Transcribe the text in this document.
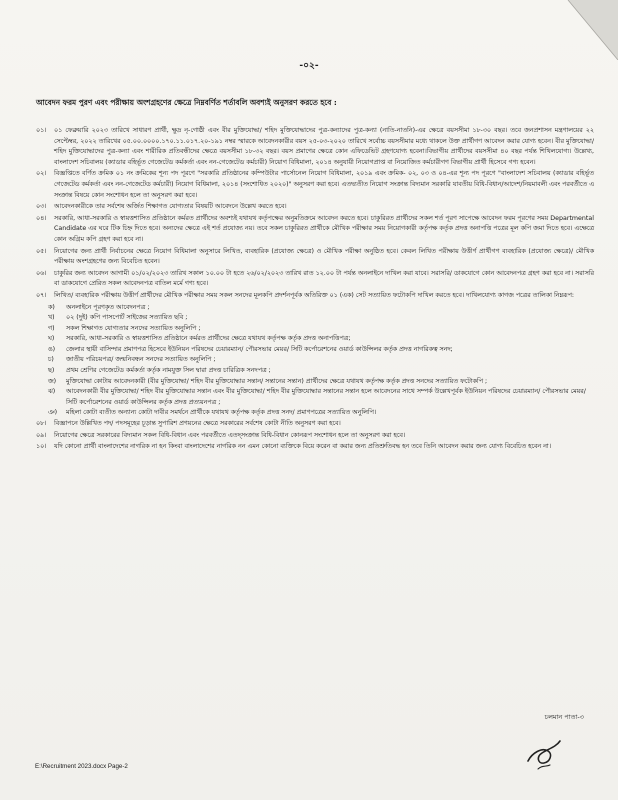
-০২-
আবেদন ফরম পুরণ এবং পরীক্ষায় অংশগ্রহণের ক্ষেত্রে নিম্নবর্ণিত শর্তাবলি অবশ্যই অনুসরণ করতে হবে :
০১।	০১ ফেব্রুয়ারি ২০২৩ তারিখে সাধারণ প্রার্থী, ক্ষুদ্র নৃ-গোষ্ঠী এবং বীর মুক্তিযোদ্ধা/ শহিদ মুক্তিযোদ্ধাদের পুত্র-কন্যাদের পুত্র-কন্যা (নাতি-নাতনি)-এর ক্ষেত্রে বয়সসীমা ১৮-৩০ বছর। তবে জনপ্রশাসন মন্ত্রণালয়ের ২২ সেপ্টেম্বর, ২০২২ তারিখের ০৫.০০.০০০০.১৭০.১১.০১৭.২০-১৯১ নম্বর স্মারকে আবেদনকারীর বয়স ২৫-০৩-২০২০ তারিখে সর্বোচ্চ বয়সসীমার মধ্যে থাকলে উক্ত প্রার্থীগণ আবেদন করার যোগ্য হবেন। বীর মুক্তিযোদ্ধা/শহিদ মুক্তিযোদ্ধাদের পুত্র-কন্যা এবং শারীরিক প্রতিবন্ধীদের ক্ষেত্রে বয়সসীমা ১৮-৩২ বছর। বয়স প্রমাণের ক্ষেত্রে কোন এফিডেভিট গ্রহণযোগ্য হবেনা।বিভাগীয় প্রার্থীদের বয়সসীমা ৪০ বছর পর্যন্ত শিথিলযোগ্য। উল্লেখ্য, বাংলাদেশ সচিবালয় (ক্যাডার বহির্ভূত গেজেটেড কর্মকর্তা এবং নন-গেজেটেড কর্মচারী) নিয়োগ বিধিমালা, ২০১৪ অনুযায়ী নিয়োগপ্রাপ্ত বা নিয়োজিত কর্মচারীগণ বিভাগীয় প্রার্থী হিসেবে গণ্য হবেন।
০২।	বিজ্ঞপ্তিতে বর্ণিত ক্রমিক ০১ নং ক্রমিকের শূন্য পদ পূরণে "সরকারি প্রতিষ্ঠানের কম্পিউটার পার্সোনেল নিয়োগ বিধিমালা, ২০১৯ এবং ক্রমিক- ০২, ০৩ ও ০৪-এর শূন্য পদ পূরণে "বাংলাদেশ সচিবালয় (ক্যাডার বহির্ভূত গেজেটেড কর্মকর্তা এবং নন-গেজেটেড কর্মচারী) নিয়োগ বিধিমালা, ২০১৪ (সংশোধিত ২০২০)" অনুসরণ করা হবে। এতদ্ব্যতীত নিয়োগ সংক্রান্ত বিদ্যমান সরকারি যাবতীয় বিধি-বিধান/আদেশ/নিয়মাবলী এবং পরবর্তীতে এ সংক্রান্ত বিষয়ে কোন সংশোধন হলে তা অনুসরণ করা হবে।
০৩।	আবেদনকারীকে তার সর্বশেষ অর্জিত শিক্ষাগত যোগ্যতার বিষয়টি আবেদনে উল্লেখ করতে হবে।
০৪।	সরকারি, আধা-সরকারি ও স্বায়ত্তশাসিত প্রতিষ্ঠানে কর্মরত প্রার্থীদের অবশ্যই যথাযথ কর্তৃপক্ষের অনুমতিক্রমে আবেদন করতে হবে। চাকুরিরত প্রার্থীদের সকল শর্ত পূরণ সাপেক্ষে আবেদন ফরম পূরণের সময় Departmental Candidate এর ঘরে টিক চিহ্ন দিতে হবে। অন্যদের ক্ষেত্রে এই শর্ত প্রযোজ্য নয়। তবে সকল চাকুরিরত প্রার্থীকে মৌখিক পরীক্ষার সময় নিয়োগকারী কর্তৃপক্ষ কর্তৃক প্রদত্ত অনাপত্তি পত্রের মূল কপি জমা দিতে হবে। এক্ষেত্রে কোন অগ্রিম কপি গ্রহণ করা হবে না।
০৫।	নিয়োগের জন্য প্রার্থী নির্বাচনের ক্ষেত্রে নিয়োগ বিধিমালা অনুসারে লিখিত, ব্যবহারিক (প্রযোজ্য ক্ষেত্রে) ও মৌখিক পরীক্ষা অনুষ্ঠিত হবে। কেবল লিখিত পরীক্ষায় উত্তীর্ণ প্রার্থীগণ ব্যবহারিক (প্রযোজ্য ক্ষেত্রে)/ মৌখিক পরীক্ষায় অংশগ্রহণের জন্য বিবেচিত হবেন।
০৬।	চাকুরির জন্য আবেদন আগামী ০১/০২/২০২৩ তারিখ সকাল ১০.০০ টা হতে ২৬/০২/২০২৩ তারিখ রাত ১২.০০ টা পর্যন্ত অনলাইনে দাখিল করা যাবে। সরাসরি/ ডাকযোগে কোন আবেদনপত্র গ্রহণ করা হবে না। সরাসরি বা ডাকযোগে প্রেরিত সকল আবেদনপত্র বাতিল মর্মে গণ্য হবে।
০৭।	লিখিত/ ব্যবহারিক পরীক্ষায় উত্তীর্ণ প্রার্থীদের মৌখিক পরীক্ষার সময় সকল সনদের মূলকপি প্রদর্শনপূর্বক অতিরিক্ত ০১ (এক) সেট সত্যায়িত ফটোকপি দাখিল করতে হবে। দাখিলযোগ্য কাগজ পত্রের তালিকা নিম্নরূপ:
ক) অনলাইনে পূরণকৃত আবেদনপত্র ;
খ) ০২ (দুই) কপি পাসপোর্ট সাইজের সত্যায়িত ছবি ;
গ) সকল শিক্ষাগত যোগ্যতার সনদের সত্যায়িত অনুলিপি ;
ঘ) সরকারি, আধা-সরকারি ও স্বায়ত্তশাসিত প্রতিষ্ঠানে কর্মরত প্রার্থীদের ক্ষেত্রে যথাযথ কর্তৃপক্ষ কর্তৃক প্রদত্ত অনাপত্তিপত্র;
ঙ) জেলার স্থায়ী বাসিন্দার প্রমাণপত্র হিসেবে ইউনিয়ন পরিষদের চেয়ারম্যান/ পৌরসভার মেয়র/ সিটি কর্পোরেশনের ওয়ার্ড কাউন্সিলর কর্তৃক প্রদত্ত নাগরিকত্ব সনদ;
চ) জাতীয় পরিচয়পত্র/ জন্মনিবন্ধন সনদের সত্যায়িত অনুলিপি ;
ছ) প্রথম শ্রেণির গেজেটেড কর্মকর্তা কর্তৃক নামযুক্ত সিল দ্বারা প্রদত্ত চারিত্রিক সনদপত্র ;
জ) মুক্তিযোদ্ধা কোটায় আবেদনকারী (বীর মুক্তিযোদ্ধা/ শহিদ বীর মুক্তিযোদ্ধার সন্তান/ সন্তানের সন্তান) প্রার্থীদের ক্ষেত্রে যথাযথ কর্তৃপক্ষ কর্তৃক প্রদত্ত সনদের সত্যায়িত ফটোকপি ;
ঝ) আবেদনকারী বীর মুক্তিযোদ্ধা/ শহিদ বীর মুক্তিযোদ্ধার সন্তান এবং বীর মুক্তিযোদ্ধা/ শহিদ বীর মুক্তিযোদ্ধার সন্তানের সন্তান হলে আবেদনের সাথে সম্পর্ক উল্লেখপূর্বক ইউনিয়ন পরিষদের চেয়ারম্যান/ পৌরসভার মেয়র/ সিটি কর্পোরেশনের ওয়ার্ড কাউন্সিলর কর্তৃক প্রদত্ত প্রত্যয়নপত্র ;
ঞ) মহিলা কোটা ব্যতীত অন্যান্য কোটা দাবীর সমর্থনে প্রার্থীকে যথাযথ কর্তৃপক্ষ কর্তৃক প্রদত্ত সনদ/ প্রমাণপত্রের সত্যায়িত অনুলিপি।
০৮।	বিজ্ঞাপনে উল্লিখিত পদ/ পদসমূহের চূড়ান্ত সুপারিশ প্রণয়নের ক্ষেত্রে সরকারের সর্বশেষ কোটা নীতি অনুসরণ করা হবে।
০৯।	নিয়োগের ক্ষেত্রে সরকারের বিদ্যমান সকল বিধি-বিধান এবং পরবর্তীতে এতদ্সংক্রান্ত বিধি-বিধান কোনরূপ সংশোধন হলে তা অনুসরণ করা হবে।
১০।	যদি কোনো প্রার্থী বাংলাদেশের নাগরিক না হন কিংবা বাংলাদেশের নাগরিক নন এমন কোনো ব্যক্তিকে বিয়ে করেন বা করার জন্য প্রতিশ্রুতিবদ্ধ হন তবে তিনি আবেদন করার জন্য যোগ্য বিবেচিত হবেন না।
চলমান পাতা-৩
E:\Recruitment 2023.docx Page-2
